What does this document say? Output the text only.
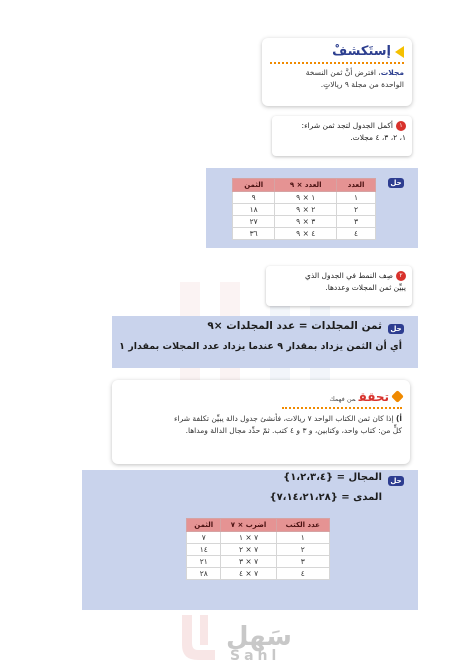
سَهل
Sahl
إستَكشفْ
مجلات، افترض أنَّ ثمن النسخة
الواحدة من مجلة ٩ ريالاتٍ.
١أكمل الجدول لتجد ثمن شراء:
١، ٢، ٣، ٤ مجلات.
حل
العدد	العدد × ٩	الثمن
١	١ × ٩	٩
٢	٢ × ٩	١٨
٣	٣ × ٩	٢٧
٤	٤ × ٩	٣٦
٢صِف النمط في الجدول الذي
يبيِّن ثمن المجلات وعددها.
حل
ثمن المجلدات = عدد المجلدات ×٩
أي أن الثمن يزداد بمقدار ٩ عندما يزداد عدد المجلات بمقدار ١
تحققمن فهمك
أ) إذا كان ثمن الكتاب الواحد ٧ ريالات، فأنشئ جدول دالة يبيِّن تكلفة شراء
كلٍّ من: كتاب واحد، وكتابين، و ٣ و ٤ كتب. ثمّ حدِّد مجال الدالة ومداها.
حل
المجال = {١،٢،٣،٤}
المدى = {٧،١٤،٢١،٢٨}
عدد الكتب	اضرب × ٧	الثمن
١	٧ × ١	٧
٢	٧ × ٢	١٤
٣	٧ × ٣	٢١
٤	٧ × ٤	٢٨
